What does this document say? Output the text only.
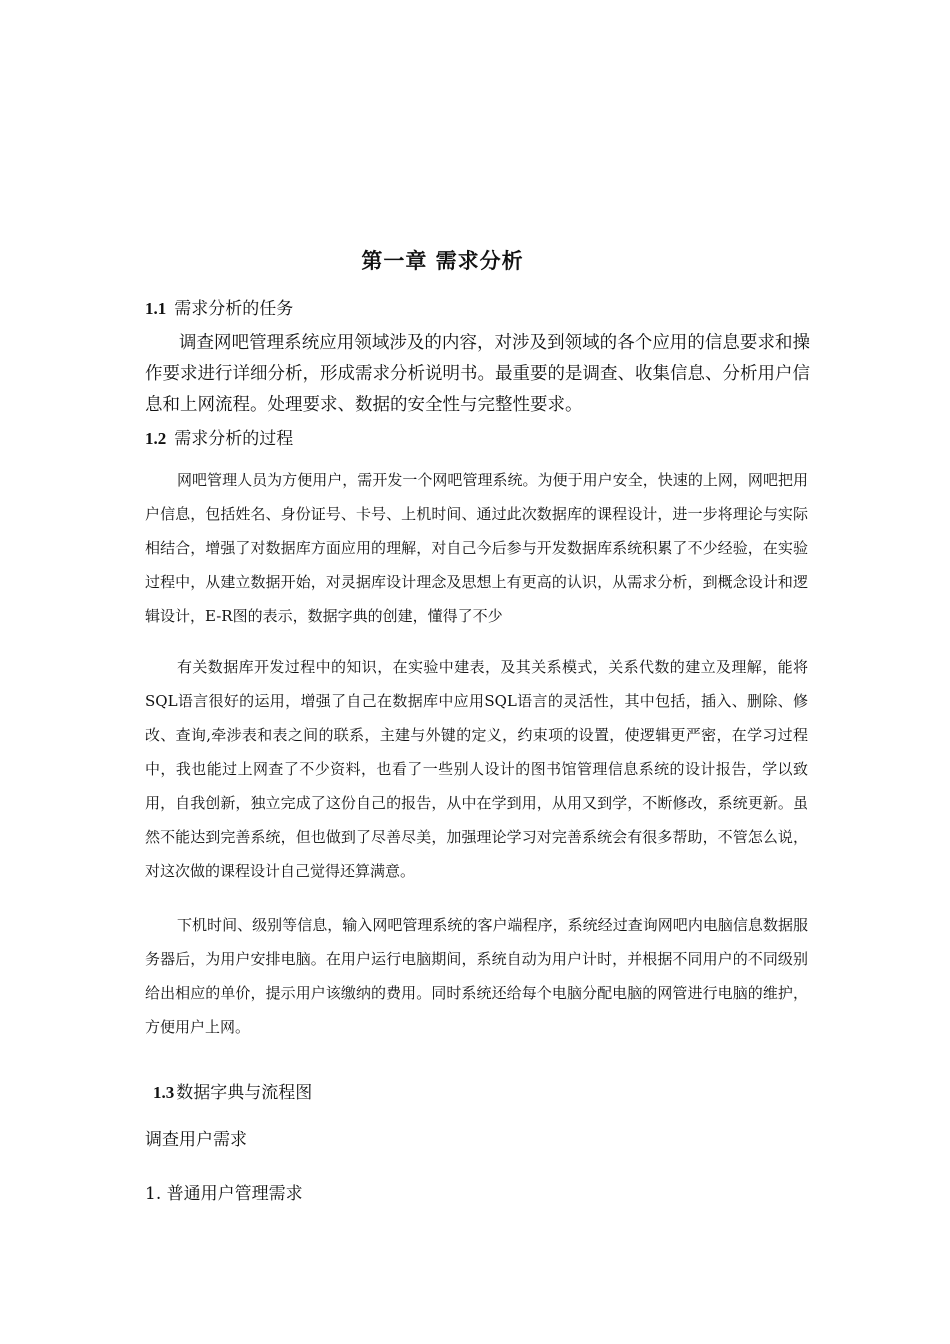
第一章 需求分析
1.1 需求分析的任务

调查网吧管理系统应用领域涉及的内容，对涉及到领域的各个应用的信息要求和操作要求进行详细分析，形成需求分析说明书。最重要的是调查、收集信息、分析用户信息和上网流程。处理要求、数据的安全性与完整性要求。

1.2 需求分析的过程

网吧管理人员为方便用户，需开发一个网吧管理系统。为便于用户安全，快速的上网，网吧把用户信息，包括姓名、身份证号、卡号、上机时间、通过此次数据库的课程设计，进一步将理论与实际相结合，增强了对数据库方面应用的理解，对自己今后参与开发数据库系统积累了不少经验，在实验过程中，从建立数据开始，对灵据库设计理念及思想上有更高的认识，从需求分析，到概念设计和逻辑设计，E-R图的表示，数据字典的创建，懂得了不少

有关数据库开发过程中的知识，在实验中建表，及其关系模式，关系代数的建立及理解，能将SQL语言很好的运用，增强了自己在数据库中应用SQL语言的灵活性，其中包括，插入、删除、修改、查询,牵涉表和表之间的联系，主建与外键的定义，约束项的设置，使逻辑更严密，在学习过程中，我也能过上网查了不少资料，也看了一些别人设计的图书馆管理信息系统的设计报告，学以致用，自我创新，独立完成了这份自己的报告，从中在学到用，从用又到学，不断修改，系统更新。虽然不能达到完善系统，但也做到了尽善尽美，加强理论学习对完善系统会有很多帮助，不管怎么说，对这次做的课程设计自己觉得还算满意。

下机时间、级别等信息，输入网吧管理系统的客户端程序，系统经过查询网吧内电脑信息数据服务器后，为用户安排电脑。在用户运行电脑期间，系统自动为用户计时，并根据不同用户的不同级别给出相应的单价，提示用户该缴纳的费用。同时系统还给每个电脑分配电脑的网管进行电脑的维护，方便用户上网。

1.3 数据字典与流程图
调查用户需求
1. 普通用户管理需求
